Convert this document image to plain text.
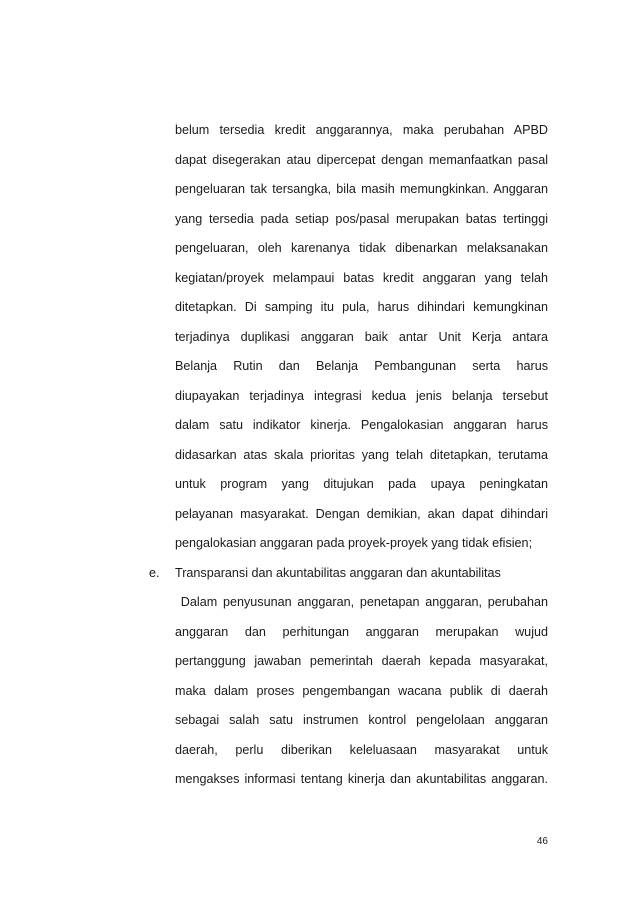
belum tersedia kredit anggarannya, maka perubahan APBD
dapat disegerakan atau dipercepat dengan memanfaatkan pasal
pengeluaran tak tersangka, bila masih memungkinkan. Anggaran
yang tersedia pada setiap pos/pasal merupakan batas tertinggi
pengeluaran, oleh karenanya tidak dibenarkan melaksanakan
kegiatan/proyek melampaui batas kredit anggaran yang telah
ditetapkan. Di samping itu pula, harus dihindari kemungkinan
terjadinya duplikasi anggaran baik antar Unit Kerja antara
Belanja Rutin dan Belanja Pembangunan serta harus
diupayakan terjadinya integrasi kedua jenis belanja tersebut
dalam satu indikator kinerja. Pengalokasian anggaran harus
didasarkan atas skala prioritas yang telah ditetapkan, terutama
untuk program yang ditujukan pada upaya peningkatan
pelayanan masyarakat. Dengan demikian, akan dapat dihindari
pengalokasian anggaran pada proyek-proyek yang tidak efisien;
e. Transparansi dan akuntabilitas anggaran dan akuntabilitas
Dalam penyusunan anggaran, penetapan anggaran, perubahan
anggaran dan perhitungan anggaran merupakan wujud
pertanggung jawaban pemerintah daerah kepada masyarakat,
maka dalam proses pengembangan wacana publik di daerah
sebagai salah satu instrumen kontrol pengelolaan anggaran
daerah, perlu diberikan keleluasaan masyarakat untuk
mengakses informasi tentang kinerja dan akuntabilitas anggaran.
46
